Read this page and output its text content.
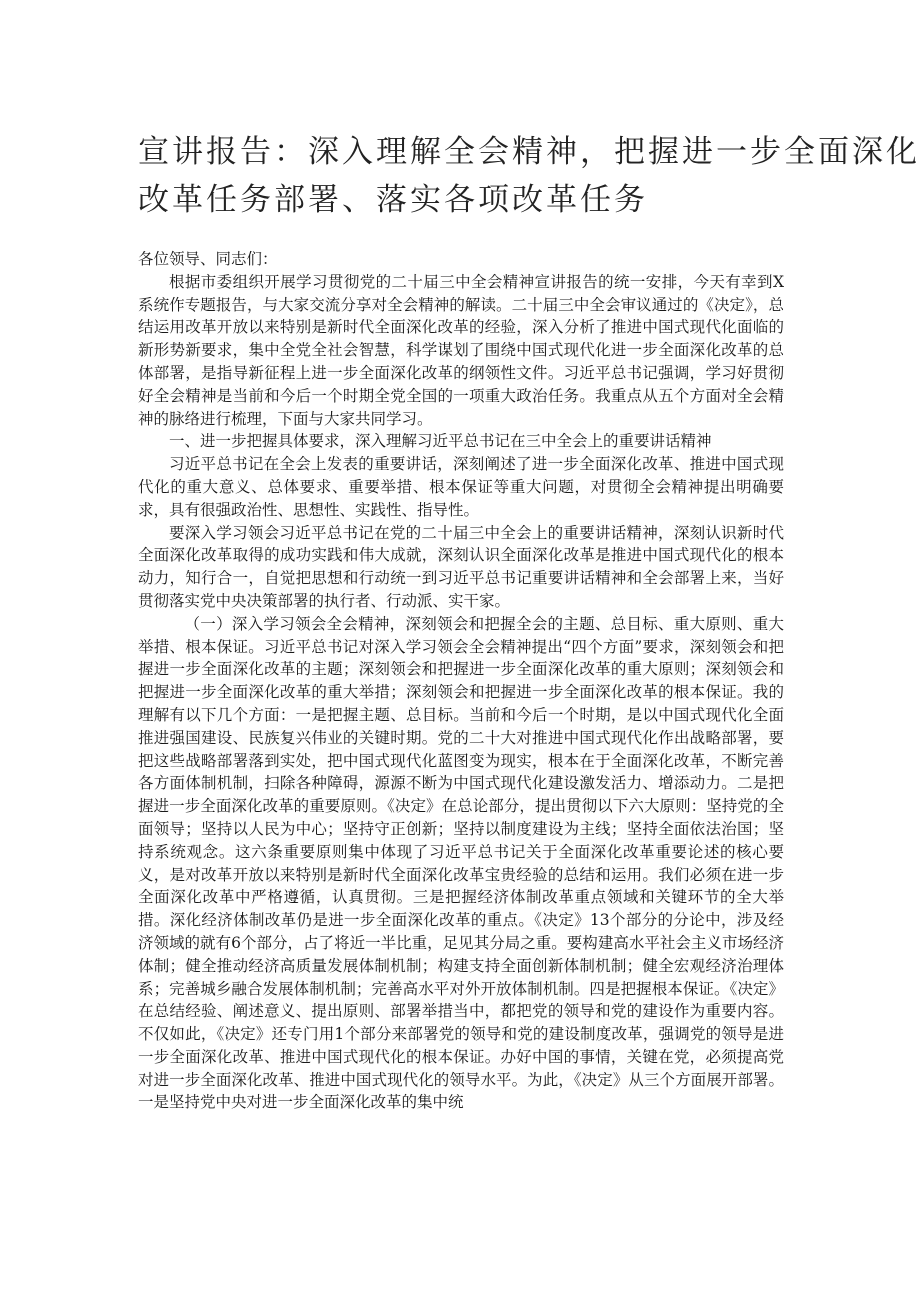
宣讲报告：深入理解全会精神，把握进一步全面深化
改革任务部署、落实各项改革任务

各位领导、同志们：

根据市委组织开展学习贯彻党的二十届三中全会精神宣讲报告的统一安排，今天有幸到X系统作专题报告，与大家交流分享对全会精神的解读。二十届三中全会审议通过的《决定》，总结运用改革开放以来特别是新时代全面深化改革的经验，深入分析了推进中国式现代化面临的新形势新要求，集中全党全社会智慧，科学谋划了围绕中国式现代化进一步全面深化改革的总体部署，是指导新征程上进一步全面深化改革的纲领性文件。习近平总书记强调，学习好贯彻好全会精神是当前和今后一个时期全党全国的一项重大政治任务。我重点从五个方面对全会精神的脉络进行梳理，下面与大家共同学习。

一、进一步把握具体要求，深入理解习近平总书记在三中全会上的重要讲话精神

习近平总书记在全会上发表的重要讲话，深刻阐述了进一步全面深化改革、推进中国式现代化的重大意义、总体要求、重要举措、根本保证等重大问题，对贯彻全会精神提出明确要求，具有很强政治性、思想性、实践性、指导性。

要深入学习领会习近平总书记在党的二十届三中全会上的重要讲话精神，深刻认识新时代全面深化改革取得的成功实践和伟大成就，深刻认识全面深化改革是推进中国式现代化的根本动力，知行合一，自觉把思想和行动统一到习近平总书记重要讲话精神和全会部署上来，当好贯彻落实党中央决策部署的执行者、行动派、实干家。

（一）深入学习领会全会精神，深刻领会和把握全会的主题、总目标、重大原则、重大举措、根本保证。习近平总书记对深入学习领会全会精神提出“四个方面”要求，深刻领会和把握进一步全面深化改革的主题；深刻领会和把握进一步全面深化改革的重大原则；深刻领会和把握进一步全面深化改革的重大举措；深刻领会和把握进一步全面深化改革的根本保证。我的理解有以下几个方面：一是把握主题、总目标。当前和今后一个时期，是以中国式现代化全面推进强国建设、民族复兴伟业的关键时期。党的二十大对推进中国式现代化作出战略部署，要把这些战略部署落到实处，把中国式现代化蓝图变为现实，根本在于全面深化改革，不断完善各方面体制机制，扫除各种障碍，源源不断为中国式现代化建设激发活力、增添动力。二是把握进一步全面深化改革的重要原则。《决定》在总论部分，提出贯彻以下六大原则：坚持党的全面领导；坚持以人民为中心；坚持守正创新；坚持以制度建设为主线；坚持全面依法治国；坚持系统观念。这六条重要原则集中体现了习近平总书记关于全面深化改革重要论述的核心要义，是对改革开放以来特别是新时代全面深化改革宝贵经验的总结和运用。我们必须在进一步全面深化改革中严格遵循，认真贯彻。三是把握经济体制改革重点领域和关键环节的全大举措。深化经济体制改革仍是进一步全面深化改革的重点。《决定》13个部分的分论中，涉及经济领域的就有6个部分，占了将近一半比重，足见其分局之重。要构建高水平社会主义市场经济体制；健全推动经济高质量发展体制机制；构建支持全面创新体制机制；健全宏观经济治理体系；完善城乡融合发展体制机制；完善高水平对外开放体制机制。四是把握根本保证。《决定》在总结经验、阐述意义、提出原则、部署举措当中，都把党的领导和党的建设作为重要内容。不仅如此，《决定》还专门用1个部分来部署党的领导和党的建设制度改革，强调党的领导是进一步全面深化改革、推进中国式现代化的根本保证。办好中国的事情，关键在党，必须提高党对进一步全面深化改革、推进中国式现代化的领导水平。为此，《决定》从三个方面展开部署。一是坚持党中央对进一步全面深化改革的集中统
